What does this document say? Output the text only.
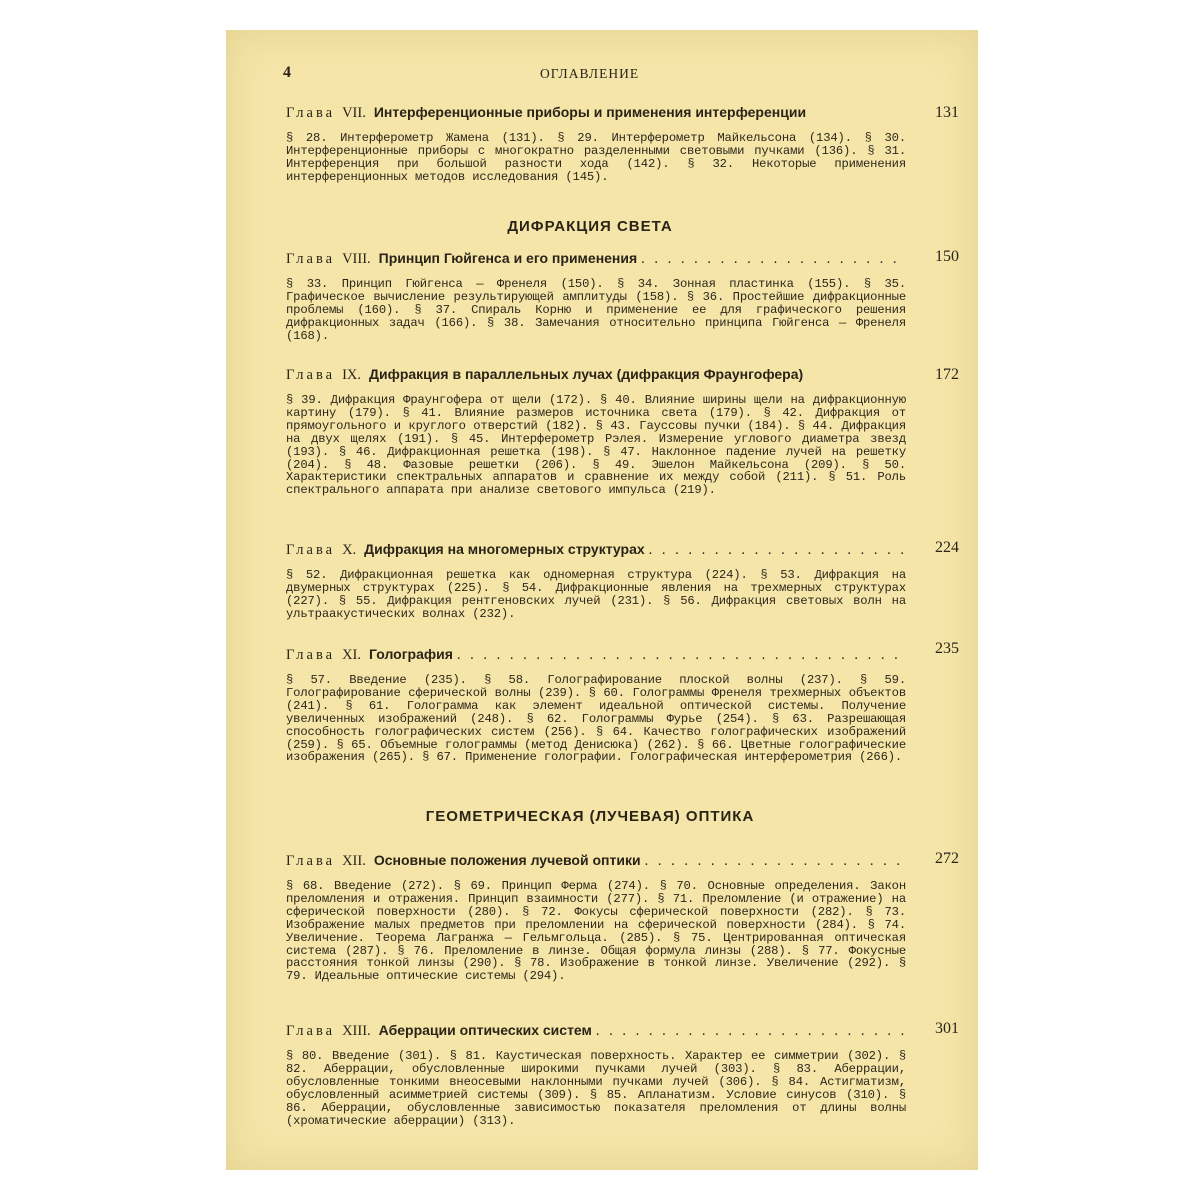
4	ОГЛАВЛЕНИЕ
Глава VII. Интерференционные приборы и применения интерференции
§ 28. Интерферометр Жамена (131). § 29. Интерферометр Майкельсона (134). § 30. Интерференционные приборы с многократно разделенными световыми пучками (136). § 31. Интерференция при большой разности хода (142). § 32. Некоторые применения интерференционных методов исследования (145).
131
ДИФРАКЦИЯ СВЕТА
Глава VIII. Принцип Гюйгенса и его применения
. . .
§ 33. Принцип Гюйгенса — Френеля (150). § 34. Зонная пластинка (155). § 35. Графическое вычисление результирующей амплитуды (158). § 36. Простейшие дифракционные проблемы (160). § 37. Спираль Корню и применение ее для графического решения дифракционных задач (166). § 38. Замечания относительно принципа Гюйгенса — Френеля (168).
150
Глава IX. Дифракция в параллельных лучах (дифракция Фраунгофера)
§ 39. Дифракция Фраунгофера от щели (172). § 40. Влияние ширины щели на дифракционную картину (179). § 41. Влияние размеров источника света (179). § 42. Дифракция от прямоугольного и круглого отверстий (182). § 43. Гауссовы пучки (184). § 44. Дифракция на двух щелях (191). § 45. Интерферометр Рэлея. Измерение углового диаметра звезд (193). § 46. Дифракционная решетка (198). § 47. Наклонное падение лучей на решетку (204). § 48. Фазовые решетки (206). § 49. Эшелон Майкельсона (209). § 50. Характеристики спектральных аппаратов и сравнение их между собой (211). § 51. Роль спектрального аппарата при анализе светового импульса (219).
172
Глава X. Дифракция на многомерных структурах
. . .
§ 52. Дифракционная решетка как одномерная структура (224). § 53. Дифракция на двумерных структурах (225). § 54. Дифракционные явления на трехмерных структурах (227). § 55. Дифракция рентгеновских лучей (231). § 56. Дифракция световых волн на ультраакустических волнах (232).
224
Глава XI. Голография
. . .
§ 57. Введение (235). § 58. Голографирование плоской волны (237). § 59. Голографирование сферической волны (239). § 60. Голограммы Френеля трехмерных объектов (241). § 61. Голограмма как элемент идеальной оптической системы. Получение увеличенных изображений (248). § 62. Голограммы Фурье (254). § 63. Разрешающая способность голографических систем (256). § 64. Качество голографических изображений (259). § 65. Объемные голограммы (метод Денисюка) (262). § 66. Цветные голографические изображения (265). § 67. Применение голографии. Голографическая интерферометрия (266).
235
ГЕОМЕТРИЧЕСКАЯ (ЛУЧЕВАЯ) ОПТИКА
Глава XII. Основные положения лучевой оптики
. . .
§ 68. Введение (272). § 69. Принцип Ферма (274). § 70. Основные определения. Закон преломления и отражения. Принцип взаимности (277). § 71. Преломление (и отражение) на сферической поверхности (280). § 72. Фокусы сферической поверхности (282). § 73. Изображение малых предметов при преломлении на сферической поверхности (284). § 74. Увеличение. Теорема Лагранжа — Гельмгольца. (285). § 75. Центрированная оптическая система (287). § 76. Преломление в линзе. Общая формула линзы (288). § 77. Фокусные расстояния тонкой линзы (290). § 78. Изображение в тонкой линзе. Увеличение (292). § 79. Идеальные оптические системы (294).
272
Глава XIII. Аберрации оптических систем
. . .
§ 80. Введение (301). § 81. Каустическая поверхность. Характер ее симметрии (302). § 82. Аберрации, обусловленные широкими пучками лучей (303). § 83. Аберрации, обусловленные тонкими внеосевыми наклонными пучками лучей (306). § 84. Астигматизм, обусловленный асимметрией системы (309). § 85. Апланатизм. Условие синусов (310). § 86. Аберрации, обусловленные зависимостью показателя преломления от длины волны (хроматические аберрации) (313).
301
